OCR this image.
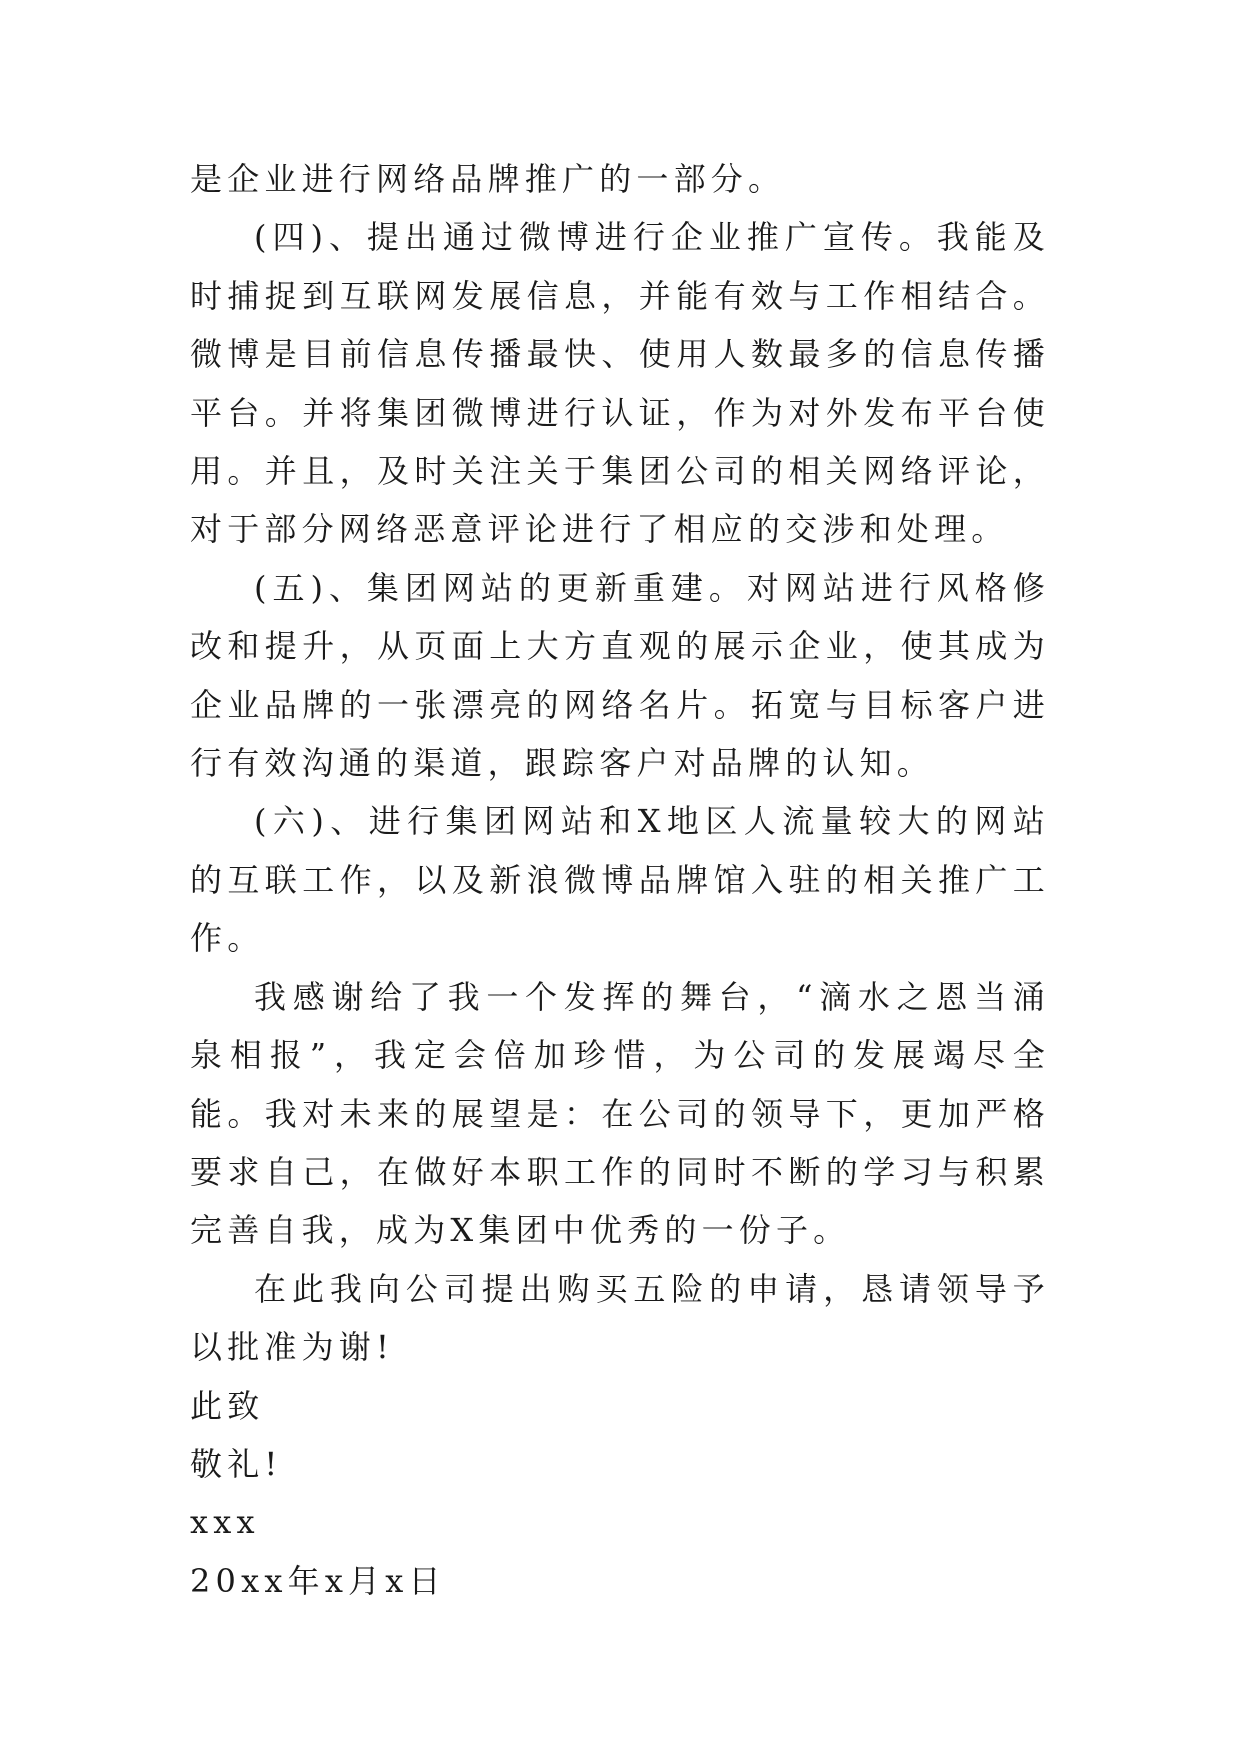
是企业进行网络品牌推广的一部分。

(四)、提出通过微博进行企业推广宣传。我能及时捕捉到互联网发展信息，并能有效与工作相结合。微博是目前信息传播最快、使用人数最多的信息传播平台。并将集团微博进行认证，作为对外发布平台使用。并且，及时关注关于集团公司的相关网络评论，对于部分网络恶意评论进行了相应的交涉和处理。

(五)、集团网站的更新重建。对网站进行风格修改和提升，从页面上大方直观的展示企业，使其成为企业品牌的一张漂亮的网络名片。拓宽与目标客户进行有效沟通的渠道，跟踪客户对品牌的认知。

(六)、进行集团网站和X地区人流量较大的网站的互联工作，以及新浪微博品牌馆入驻的相关推广工作。

我感谢给了我一个发挥的舞台，“滴水之恩当涌泉相报”，我定会倍加珍惜，为公司的发展竭尽全能。我对未来的展望是：在公司的领导下，更加严格要求自己，在做好本职工作的同时不断的学习与积累完善自我，成为X集团中优秀的一份子。

在此我向公司提出购买五险的申请，恳请领导予以批准为谢!

此致

敬礼!

xxx

20xx年x月x日
